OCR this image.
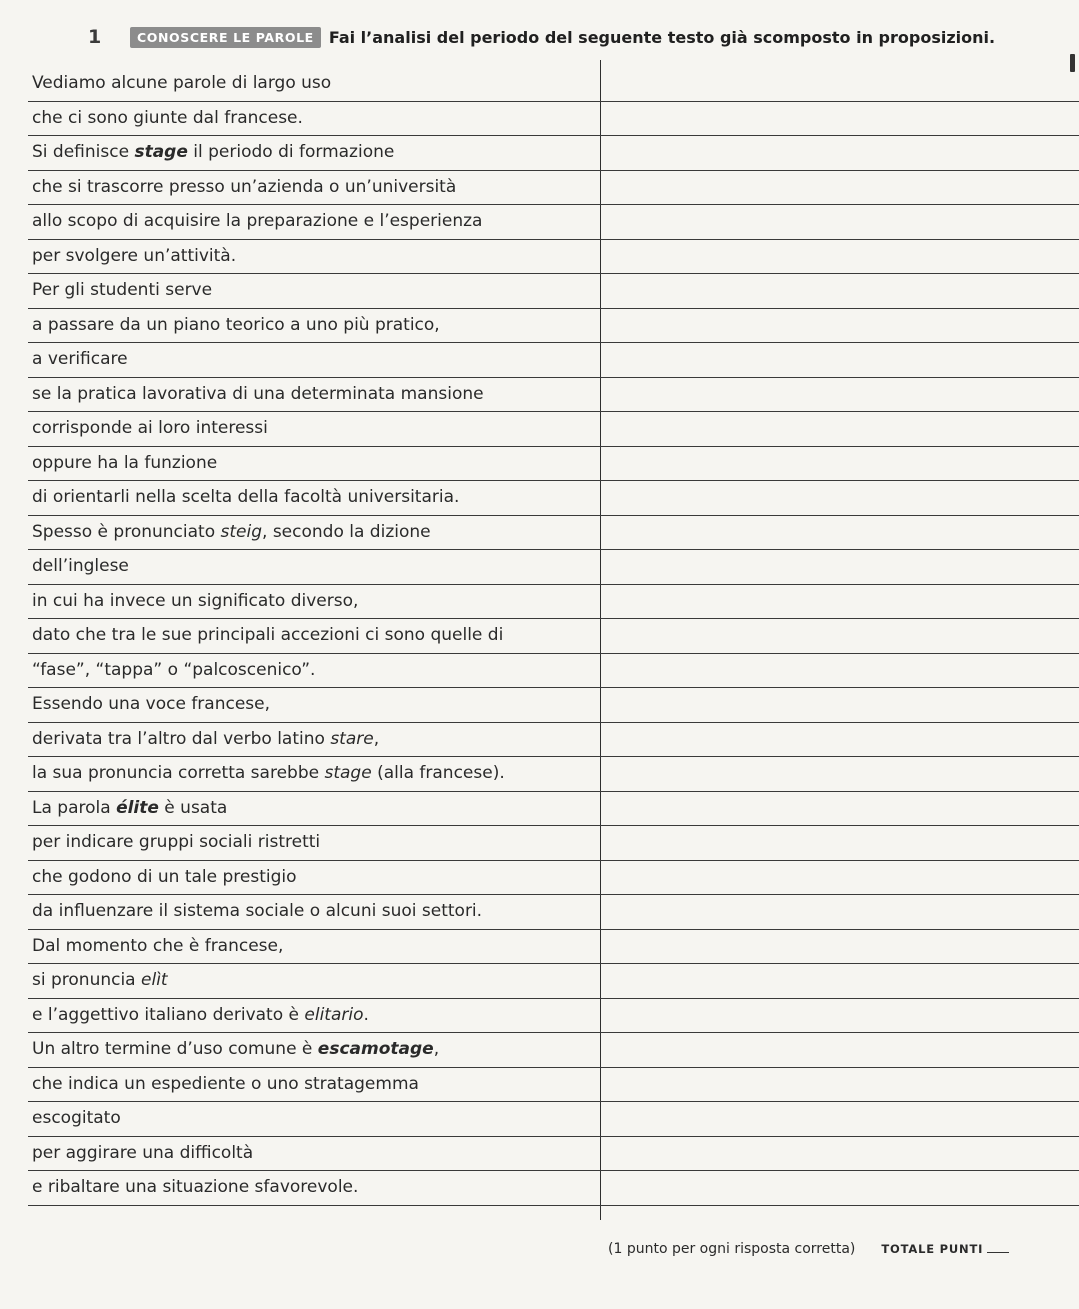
1	CONOSCERE LE PAROLE Fai l’analisi del periodo del seguente testo già scomposto in proposizioni.
Vediamo alcune parole di largo uso
che ci sono giunte dal francese.
Si definisce stage il periodo di formazione
che si trascorre presso un’azienda o un’università
allo scopo di acquisire la preparazione e l’esperienza
per svolgere un’attività.
Per gli studenti serve
a passare da un piano teorico a uno più pratico,
a verificare
se la pratica lavorativa di una determinata mansione
corrisponde ai loro interessi
oppure ha la funzione
di orientarli nella scelta della facoltà universitaria.
Spesso è pronunciato steig, secondo la dizione
dell’inglese
in cui ha invece un significato diverso,
dato che tra le sue principali accezioni ci sono quelle di
“fase”, “tappa” o “palcoscenico”.
Essendo una voce francese,
derivata tra l’altro dal verbo latino stare,
la sua pronuncia corretta sarebbe stage (alla francese).
La parola élite è usata
per indicare gruppi sociali ristretti
che godono di un tale prestigio
da influenzare il sistema sociale o alcuni suoi settori.
Dal momento che è francese,
si pronuncia elìt
e l’aggettivo italiano derivato è elitario.
Un altro termine d’uso comune è escamotage,
che indica un espediente o uno stratagemma
escogitato
per aggirare una difficoltà
e ribaltare una situazione sfavorevole.
(1 punto per ogni risposta corretta) TOTALE PUNTI
